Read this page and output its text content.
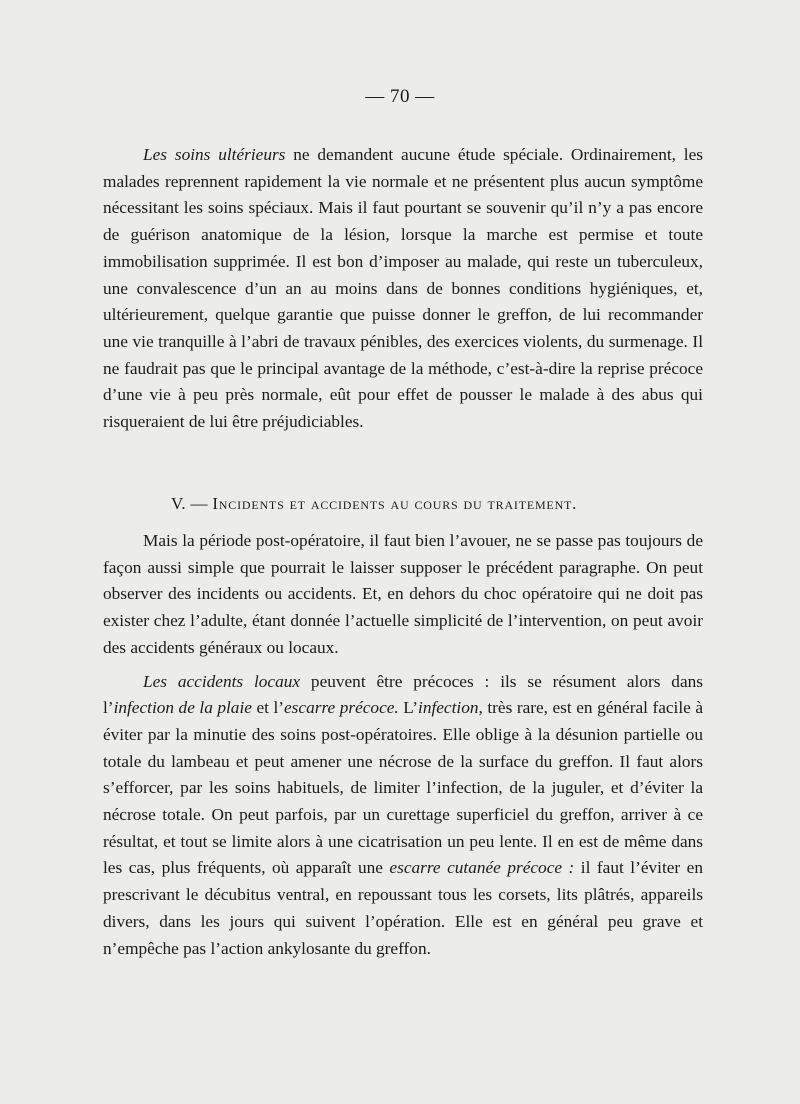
— 70 —

Les soins ultérieurs ne demandent aucune étude spéciale. Ordinairement, les malades reprennent rapidement la vie normale et ne présentent plus aucun symptôme nécessitant les soins spéciaux. Mais il faut pourtant se souvenir qu’il n’y a pas encore de guérison anatomique de la lésion, lorsque la marche est permise et toute immobilisation supprimée. Il est bon d’imposer au malade, qui reste un tuberculeux, une convalescence d’un an au moins dans de bonnes conditions hygiéniques, et, ultérieurement, quelque garantie que puisse donner le greffon, de lui recommander une vie tranquille à l’abri de travaux pénibles, des exercices violents, du surmenage. Il ne faudrait pas que le principal avantage de la méthode, c’est-à-dire la reprise précoce d’une vie à peu près normale, eût pour effet de pousser le malade à des abus qui risqueraient de lui être préjudiciables.

V. — Incidents et accidents au cours du traitement.

Mais la période post-opératoire, il faut bien l’avouer, ne se passe pas toujours de façon aussi simple que pourrait le laisser supposer le précédent paragraphe. On peut observer des incidents ou accidents. Et, en dehors du choc opératoire qui ne doit pas exister chez l’adulte, étant donnée l’actuelle simplicité de l’intervention, on peut avoir des accidents généraux ou locaux.

Les accidents locaux peuvent être précoces : ils se résument alors dans l’infection de la plaie et l’escarre précoce. L’infection, très rare, est en général facile à éviter par la minutie des soins post-opératoires. Elle oblige à la désunion partielle ou totale du lambeau et peut amener une nécrose de la surface du greffon. Il faut alors s’efforcer, par les soins habituels, de limiter l’infection, de la juguler, et d’éviter la nécrose totale. On peut parfois, par un curettage superficiel du greffon, arriver à ce résultat, et tout se limite alors à une cicatrisation un peu lente. Il en est de même dans les cas, plus fréquents, où apparaît une escarre cutanée précoce : il faut l’éviter en prescrivant le décubitus ventral, en repoussant tous les corsets, lits plâtrés, appareils divers, dans les jours qui suivent l’opération. Elle est en général peu grave et n’empêche pas l’action ankylosante du greffon.
